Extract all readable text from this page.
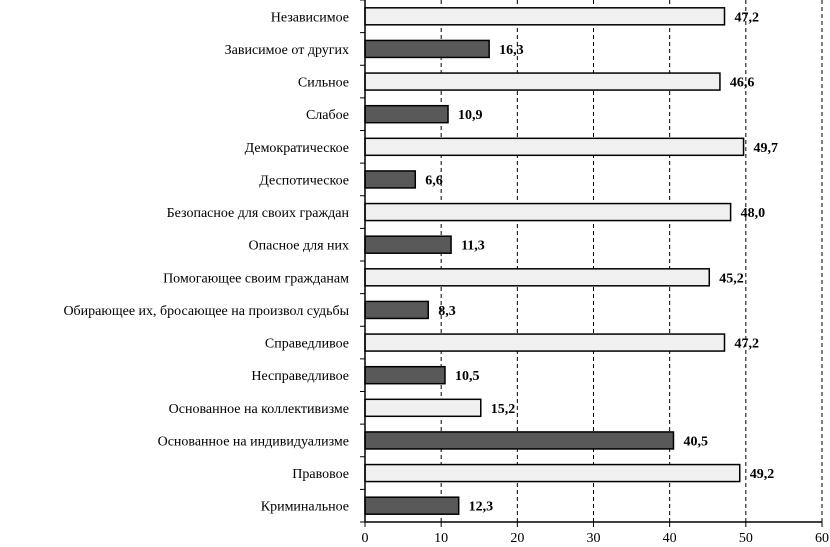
Независимое
Зависимое от других
Сильное
Слабое
Демократическое
Деспотическое
Безопасное для своих граждан
Опасное для них
Помогающее своим гражданам
Обирающее их, бросающее на произвол судьбы
Справедливое
Несправедливое
Основанное на коллективизме
Основанное на индивидуализме
Правовое
Криминальное
47,2
16,3
46,6
10,9
49,7
6,6
48,0
11,3
45,2
8,3
47,2
10,5
15,2
40,5
49,2
12,3
0	10	20	30	40	50	60
